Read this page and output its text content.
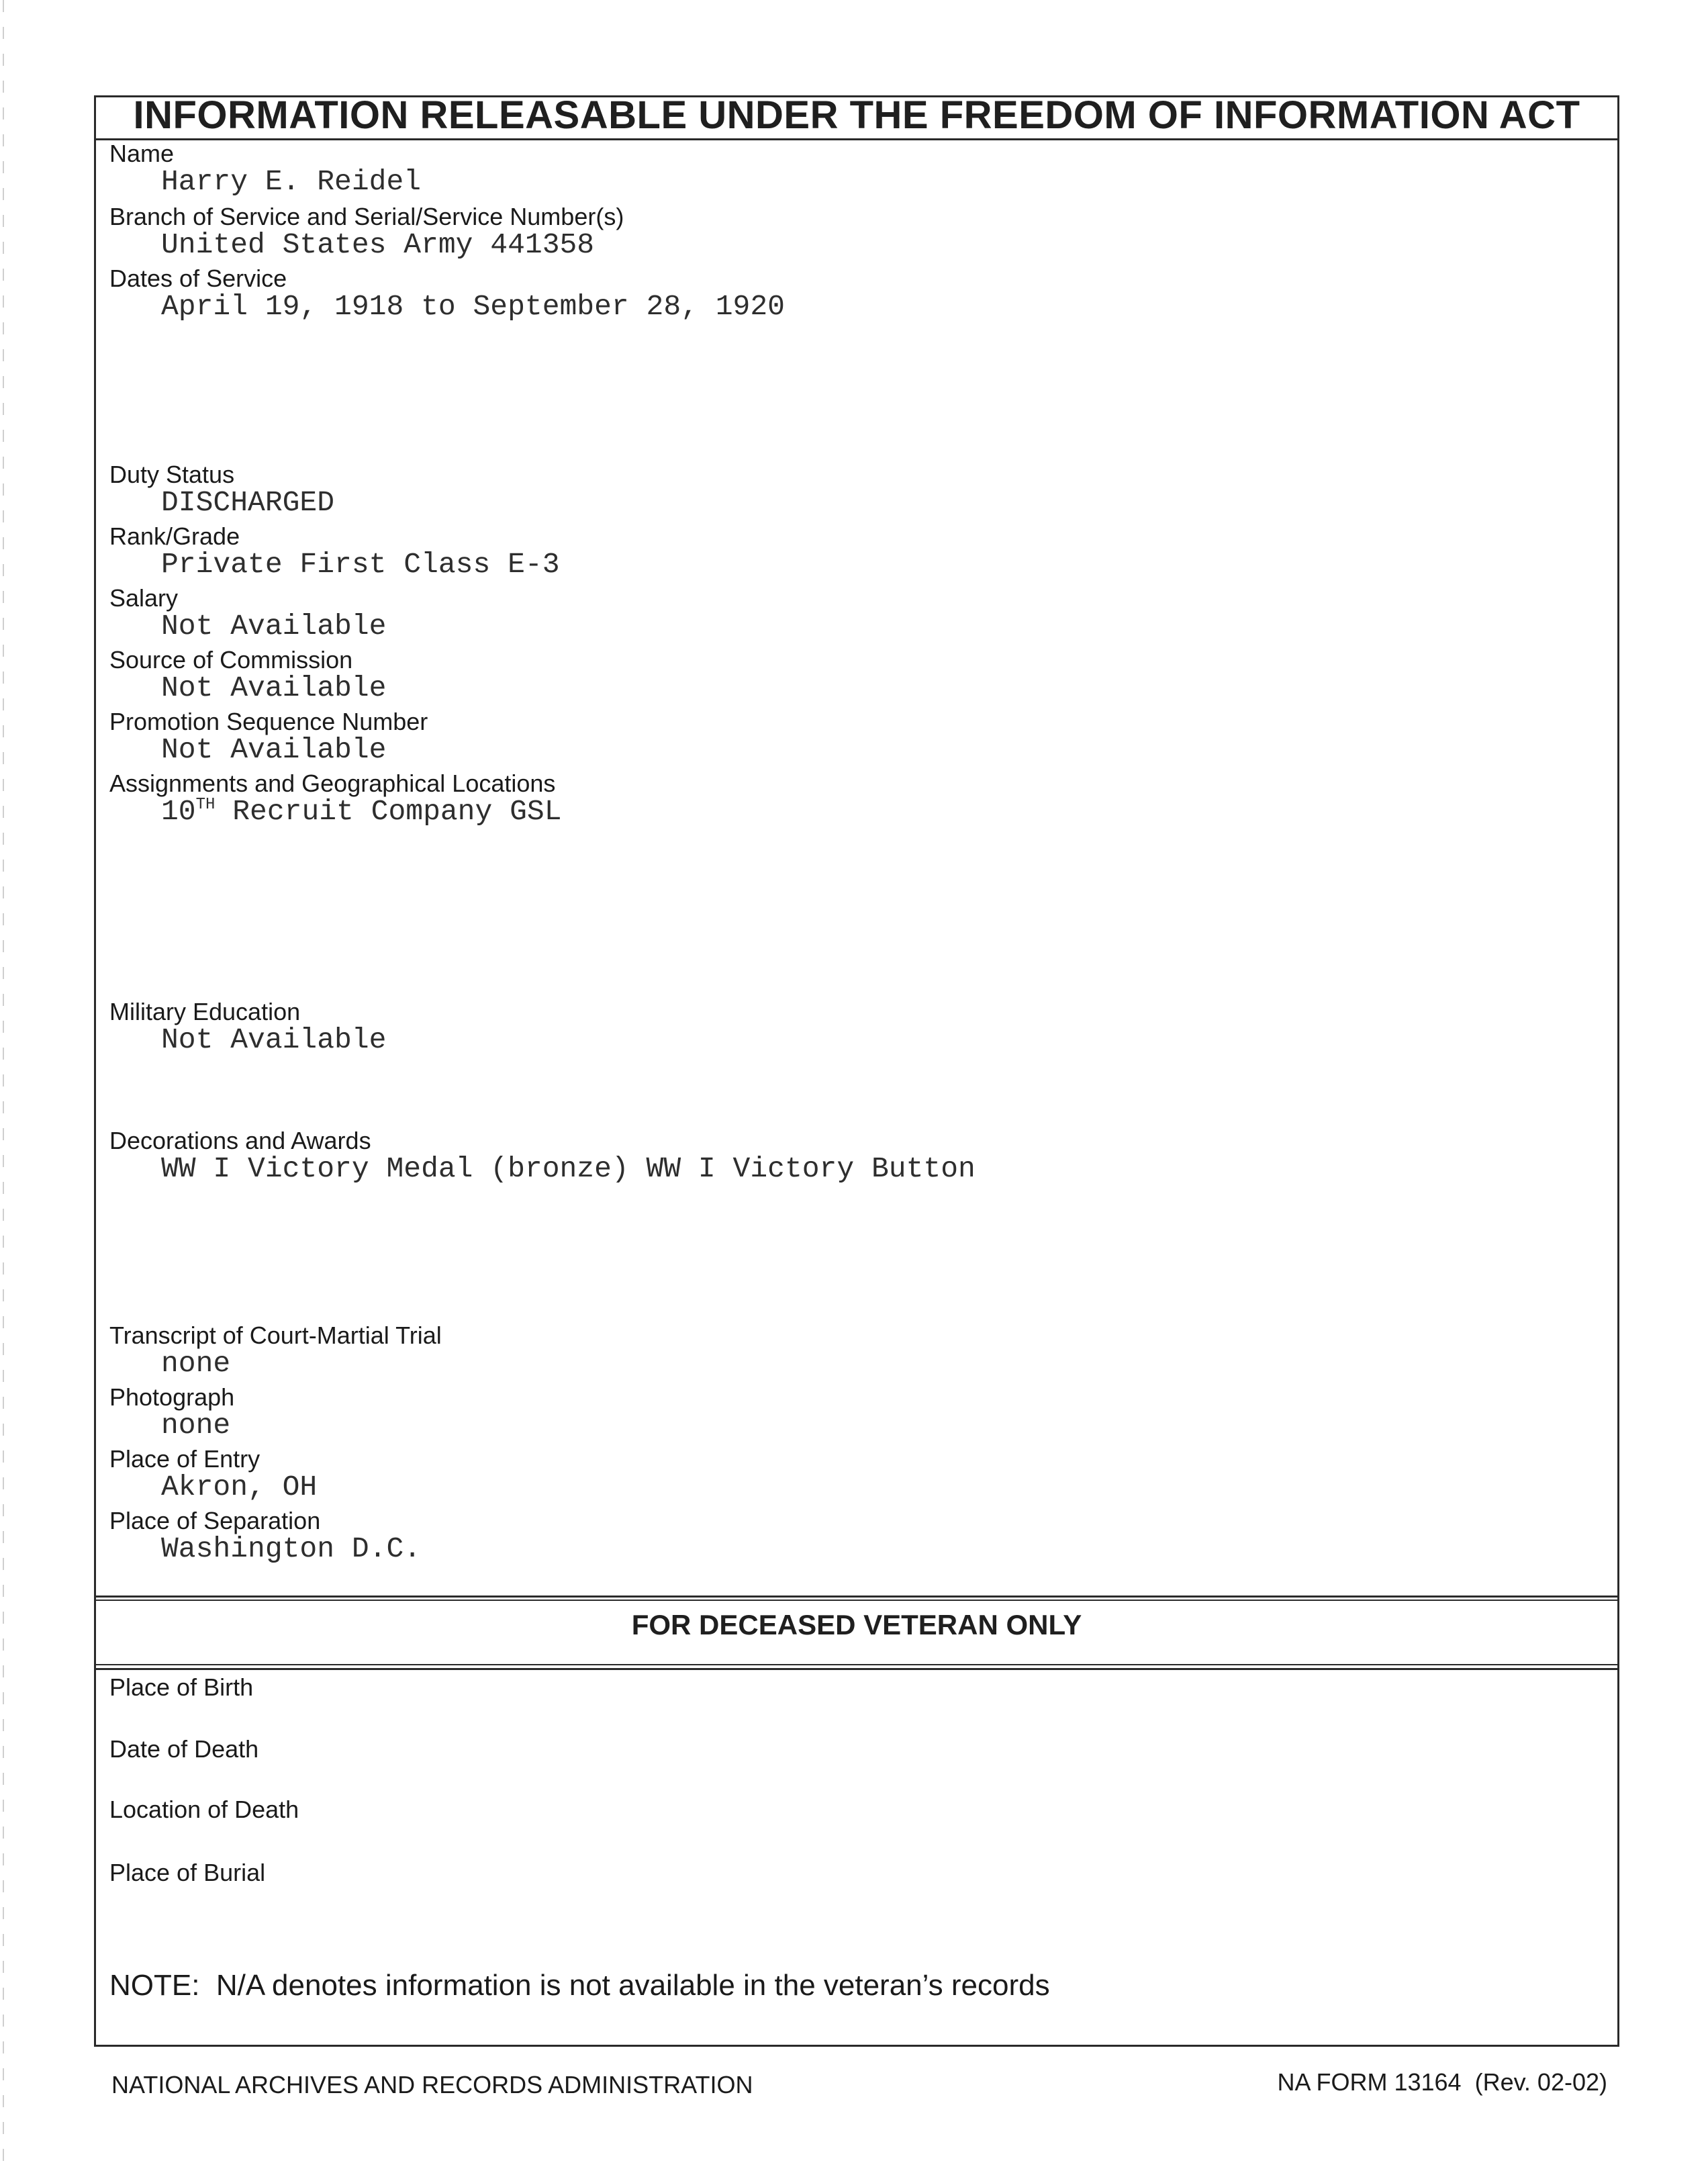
INFORMATION RELEASABLE UNDER THE FREEDOM OF INFORMATION ACT
Name
Harry E. Reidel
Branch of Service and Serial/Service Number(s)
United States Army 441358
Dates of Service
April 19, 1918 to September 28, 1920
Duty Status
DISCHARGED
Rank/Grade
Private First Class E-3
Salary
Not Available
Source of Commission
Not Available
Promotion Sequence Number
Not Available
Assignments and Geographical Locations
10TH Recruit Company GSL
Military Education
Not Available
Decorations and Awards
WW I Victory Medal (bronze) WW I Victory Button
Transcript of Court-Martial Trial
none
Photograph
none
Place of Entry
Akron, OH
Place of Separation
Washington D.C.
FOR DECEASED VETERAN ONLY
Place of Birth
Date of Death
Location of Death
Place of Burial
NOTE:  N/A denotes information is not available in the veteran’s records
NATIONAL ARCHIVES AND RECORDS ADMINISTRATION	NA FORM 13164  (Rev. 02-02)
